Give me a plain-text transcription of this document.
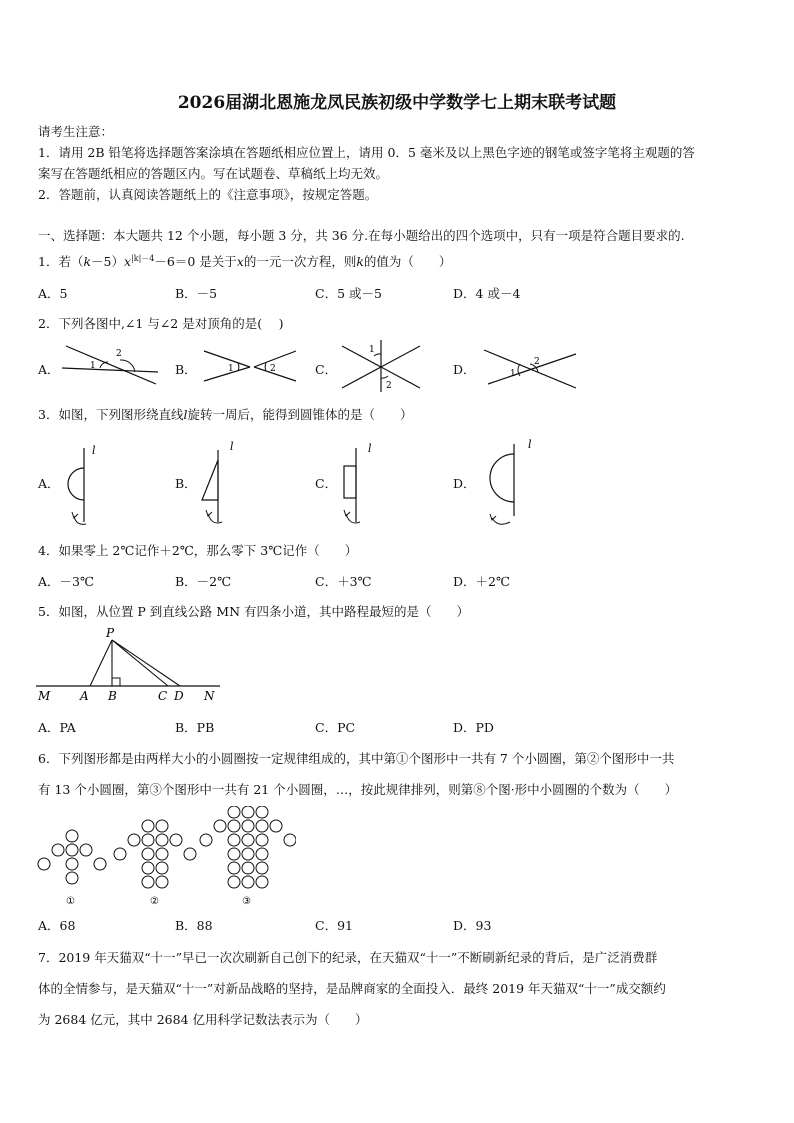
2026届湖北恩施龙凤民族初级中学数学七上期末联考试题
请考生注意：
1．请用 2B 铅笔将选择题答案涂填在答题纸相应位置上，请用 0．5 毫米及以上黑色字迹的钢笔或签字笔将主观题的答
案写在答题纸相应的答题区内。写在试题卷、草稿纸上均无效。
2．答题前，认真阅读答题纸上的《注意事项》，按规定答题。
一、选择题：本大题共 12 个小题，每小题 3 分，共 36 分.在每小题给出的四个选项中，只有一项是符合题目要求的.
1．若$(k-5)x^{|k|-4}-6=0$ 是关于x的一元一次方程，则k的值为（　　）
A．5	B．－5	C．5 或－5	D．4 或－4
2．下列各图中,∠1 与∠2 是对顶角的是(　 )
A．	B．	C．	D．
1
2
1	2
1
2
1
2
3．如图，下列图形绕直线l旋转一周后，能得到圆锥体的是（　　）
A．	B．	C．	D．
l	l	l	l
4．如果零上 2℃记作＋2℃，那么零下 3℃记作（　　）
A．－3℃	B．－2℃	C．＋3℃	D．＋2℃
5．如图，从位置 P 到直线公路 MN 有四条小道，其中路程最短的是（　　）
P
M A B	C D N
A．PA	B．PB	C．PC	D．PD
6．下列图形都是由两样大小的小圆圈按一定规律组成的，其中第①个图形中一共有 7 个小圆圈，第②个图形中一共
有 13 个小圆圈，第③个图形中一共有 21 个小圆圈，…，按此规律排列，则第⑧个图·形中小圆圈的个数为（　　）
①	②	③
A．68	B．88	C．91	D．93
7．2019 年天猫双“十一”早已一次次刷新自己创下的纪录，在天猫双“十一”不断刷新纪录的背后，是广泛消费群
体的全情参与，是天猫双“十一”对新品战略的坚持，是品牌商家的全面投入．最终 2019 年天猫双“十一”成交额约
为 2684 亿元，其中 2684 亿用科学记数法表示为（　　）
